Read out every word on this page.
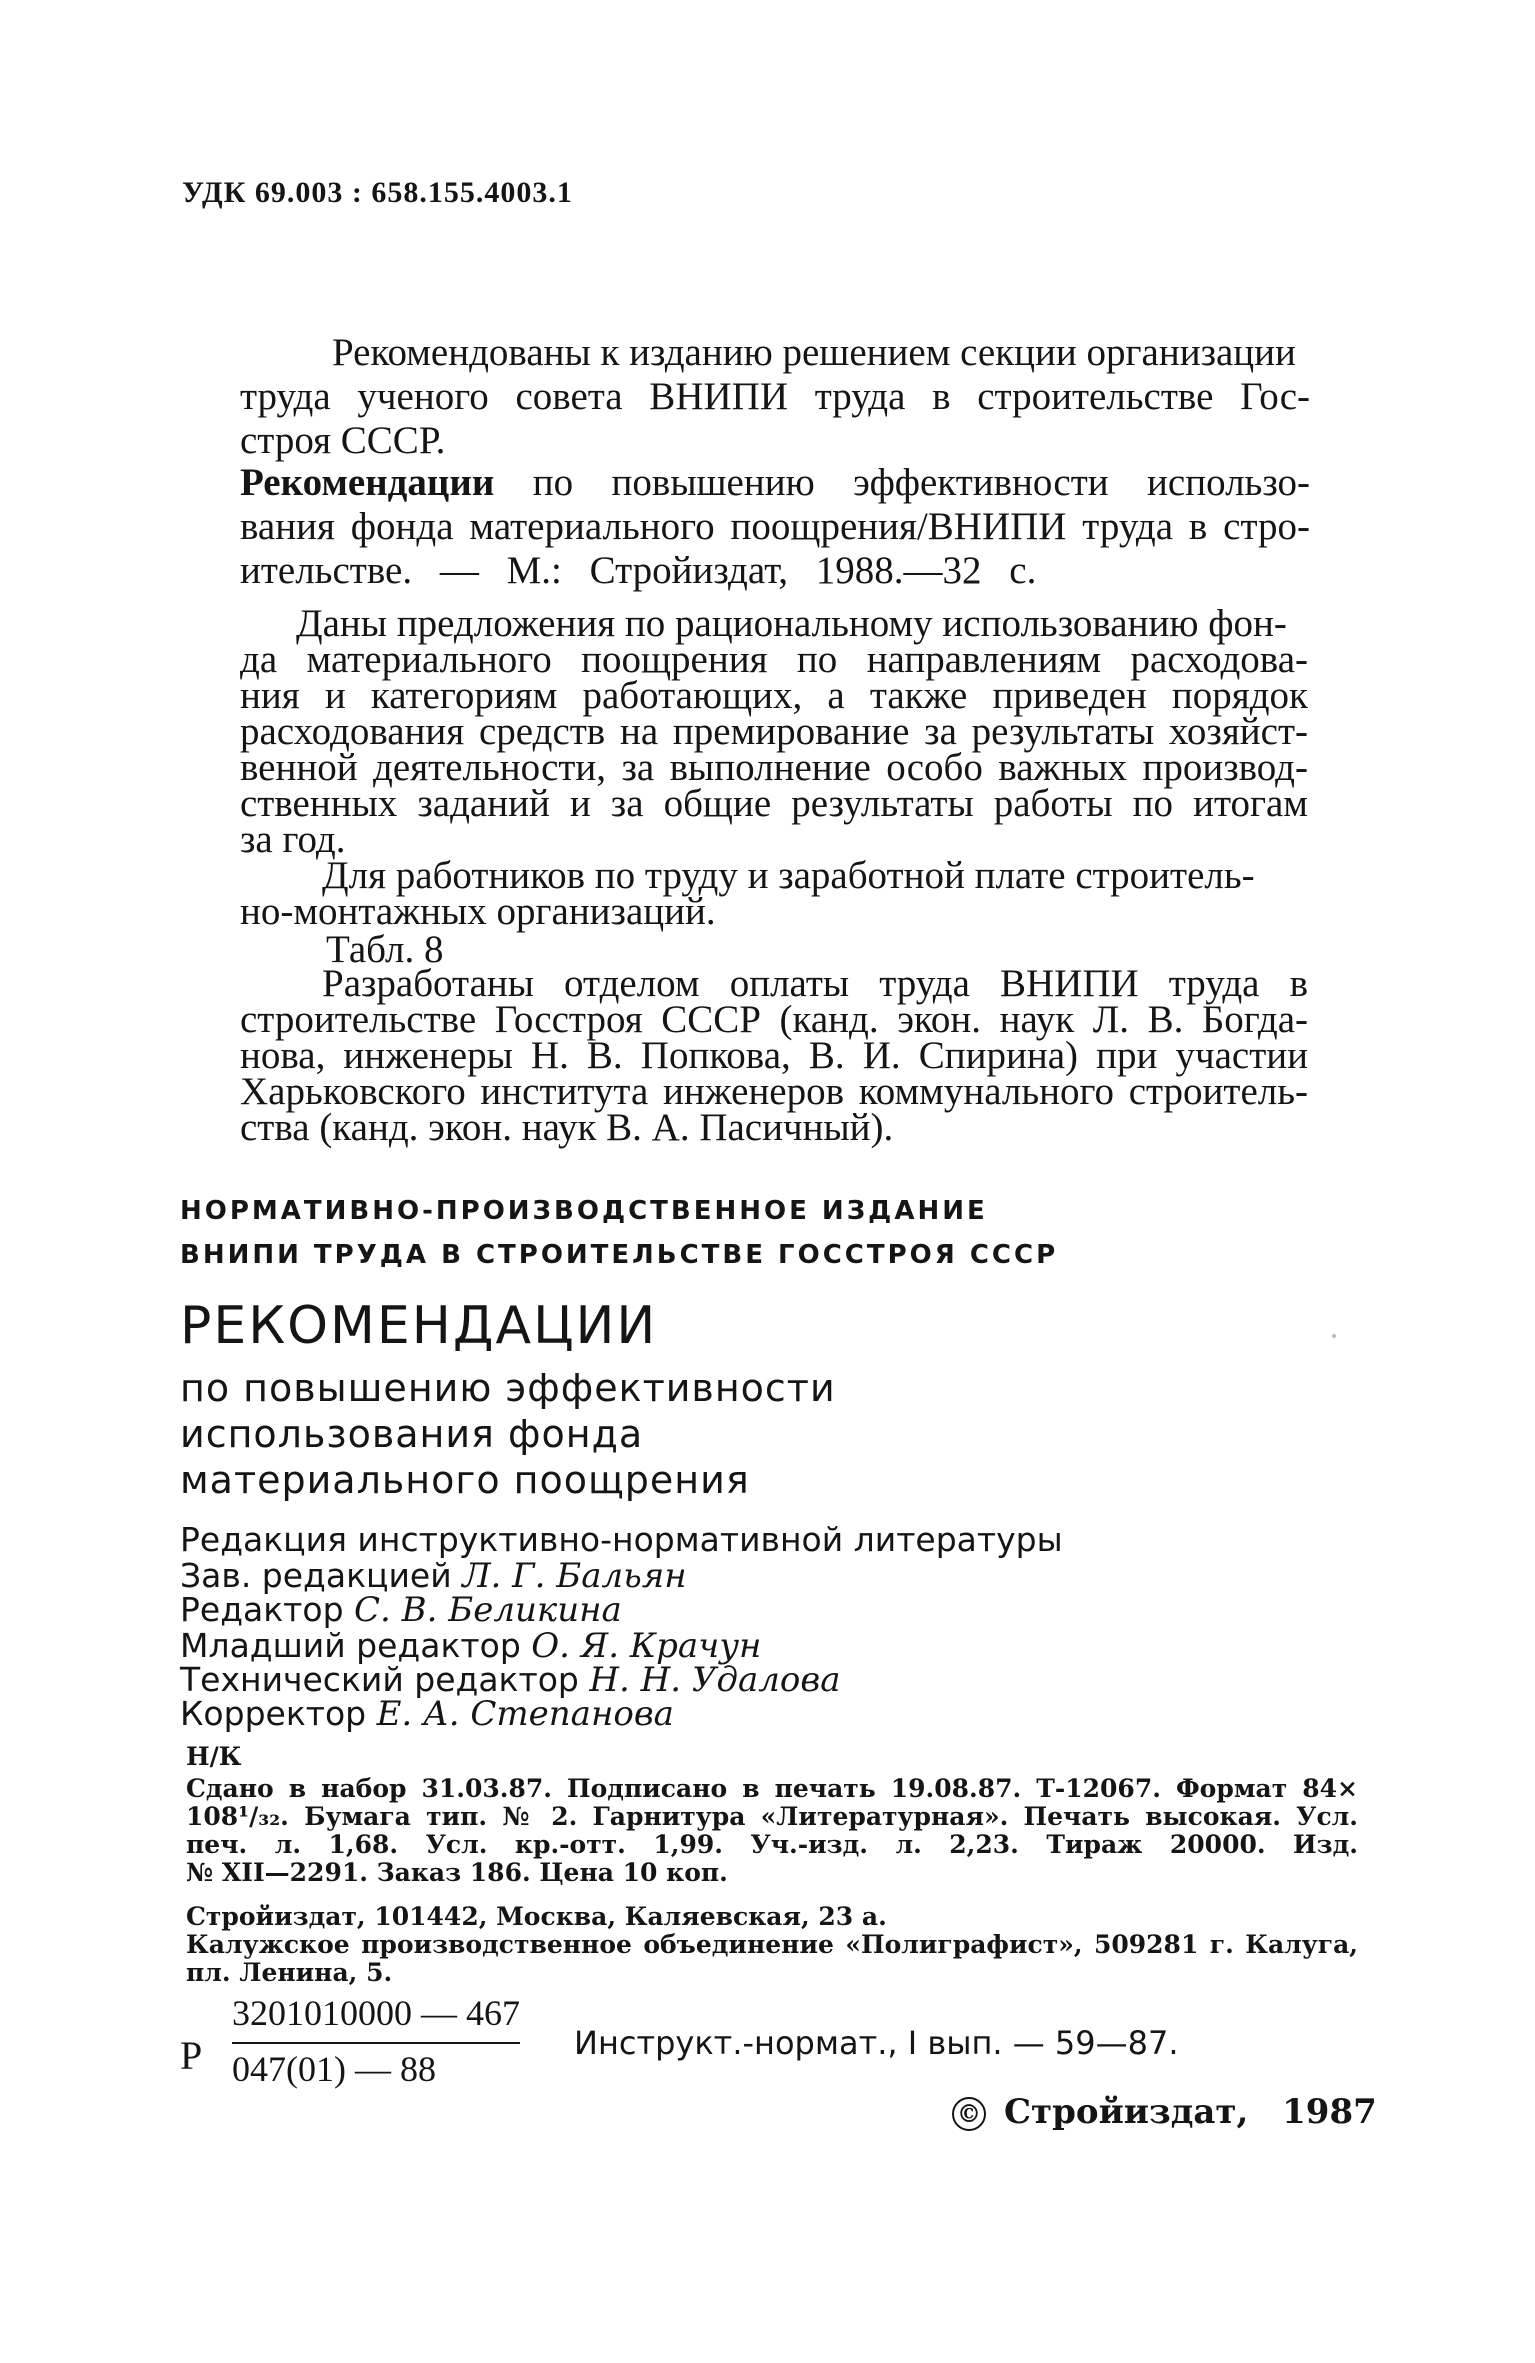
УДК 69.003 : 658.155.4003.1
Рекомендованы к изданию решением секции организации
труда ученого совета ВНИПИ труда в строительстве Гос-
строя СССР.
Рекомендации по повышению эффективности использо-
вания фонда материального поощрения/ВНИПИ труда в стро-
ительстве. — М.: Стройиздат, 1988.—32 с.
Даны предложения по рациональному использованию фон-
да материального поощрения по направлениям расходова-
ния и категориям работающих, а также приведен порядок
расходования средств на премирование за результаты хозяйст-
венной деятельности, за выполнение особо важных производ-
ственных заданий и за общие результаты работы по итогам
за год.
Для работников по труду и заработной плате строитель-
но-монтажных организаций.
Табл. 8
Разработаны отделом оплаты труда ВНИПИ труда в
строительстве Госстроя СССР (канд. экон. наук Л. В. Богда-
нова, инженеры Н. В. Попкова, В. И. Спирина) при участии
Харьковского института инженеров коммунального строитель-
ства (канд. экон. наук В. А. Пасичный).
НОРМАТИВНО-ПРОИЗВОДСТВЕННОЕ ИЗДАНИЕ
ВНИПИ ТРУДА В СТРОИТЕЛЬСТВЕ ГОССТРОЯ СССР
РЕКОМЕНДАЦИИ
по повышению эффективности
использования фонда
материального поощрения
Редакция инструктивно-нормативной литературы
Зав. редакцией Л. Г. Бальян
Редактор С. В. Беликина
Младший редактор О. Я. Крачун
Технический редактор Н. Н. Удалова
Корректор Е. А. Степанова
Н/К
Сдано в набор 31.03.87. Подписано в печать 19.08.87. Т-12067. Формат 84×
108¹/₃₂. Бумага тип. № 2. Гарнитура «Литературная». Печать высокая. Усл.
печ. л. 1,68. Усл. кр.-отт. 1,99. Уч.-изд. л. 2,23. Тираж 20000. Изд.
№ XII—2291. Заказ 186. Цена 10 коп.
Стройиздат, 101442, Москва, Каляевская, 23 а.
Калужское производственное объединение «Полиграфист», 509281 г. Калуга,
пл. Ленина, 5.
Р
3201010000 — 467
047(01) — 88
Инструкт.-нормат., I вып. — 59—87.
© Стройиздат, 1987
